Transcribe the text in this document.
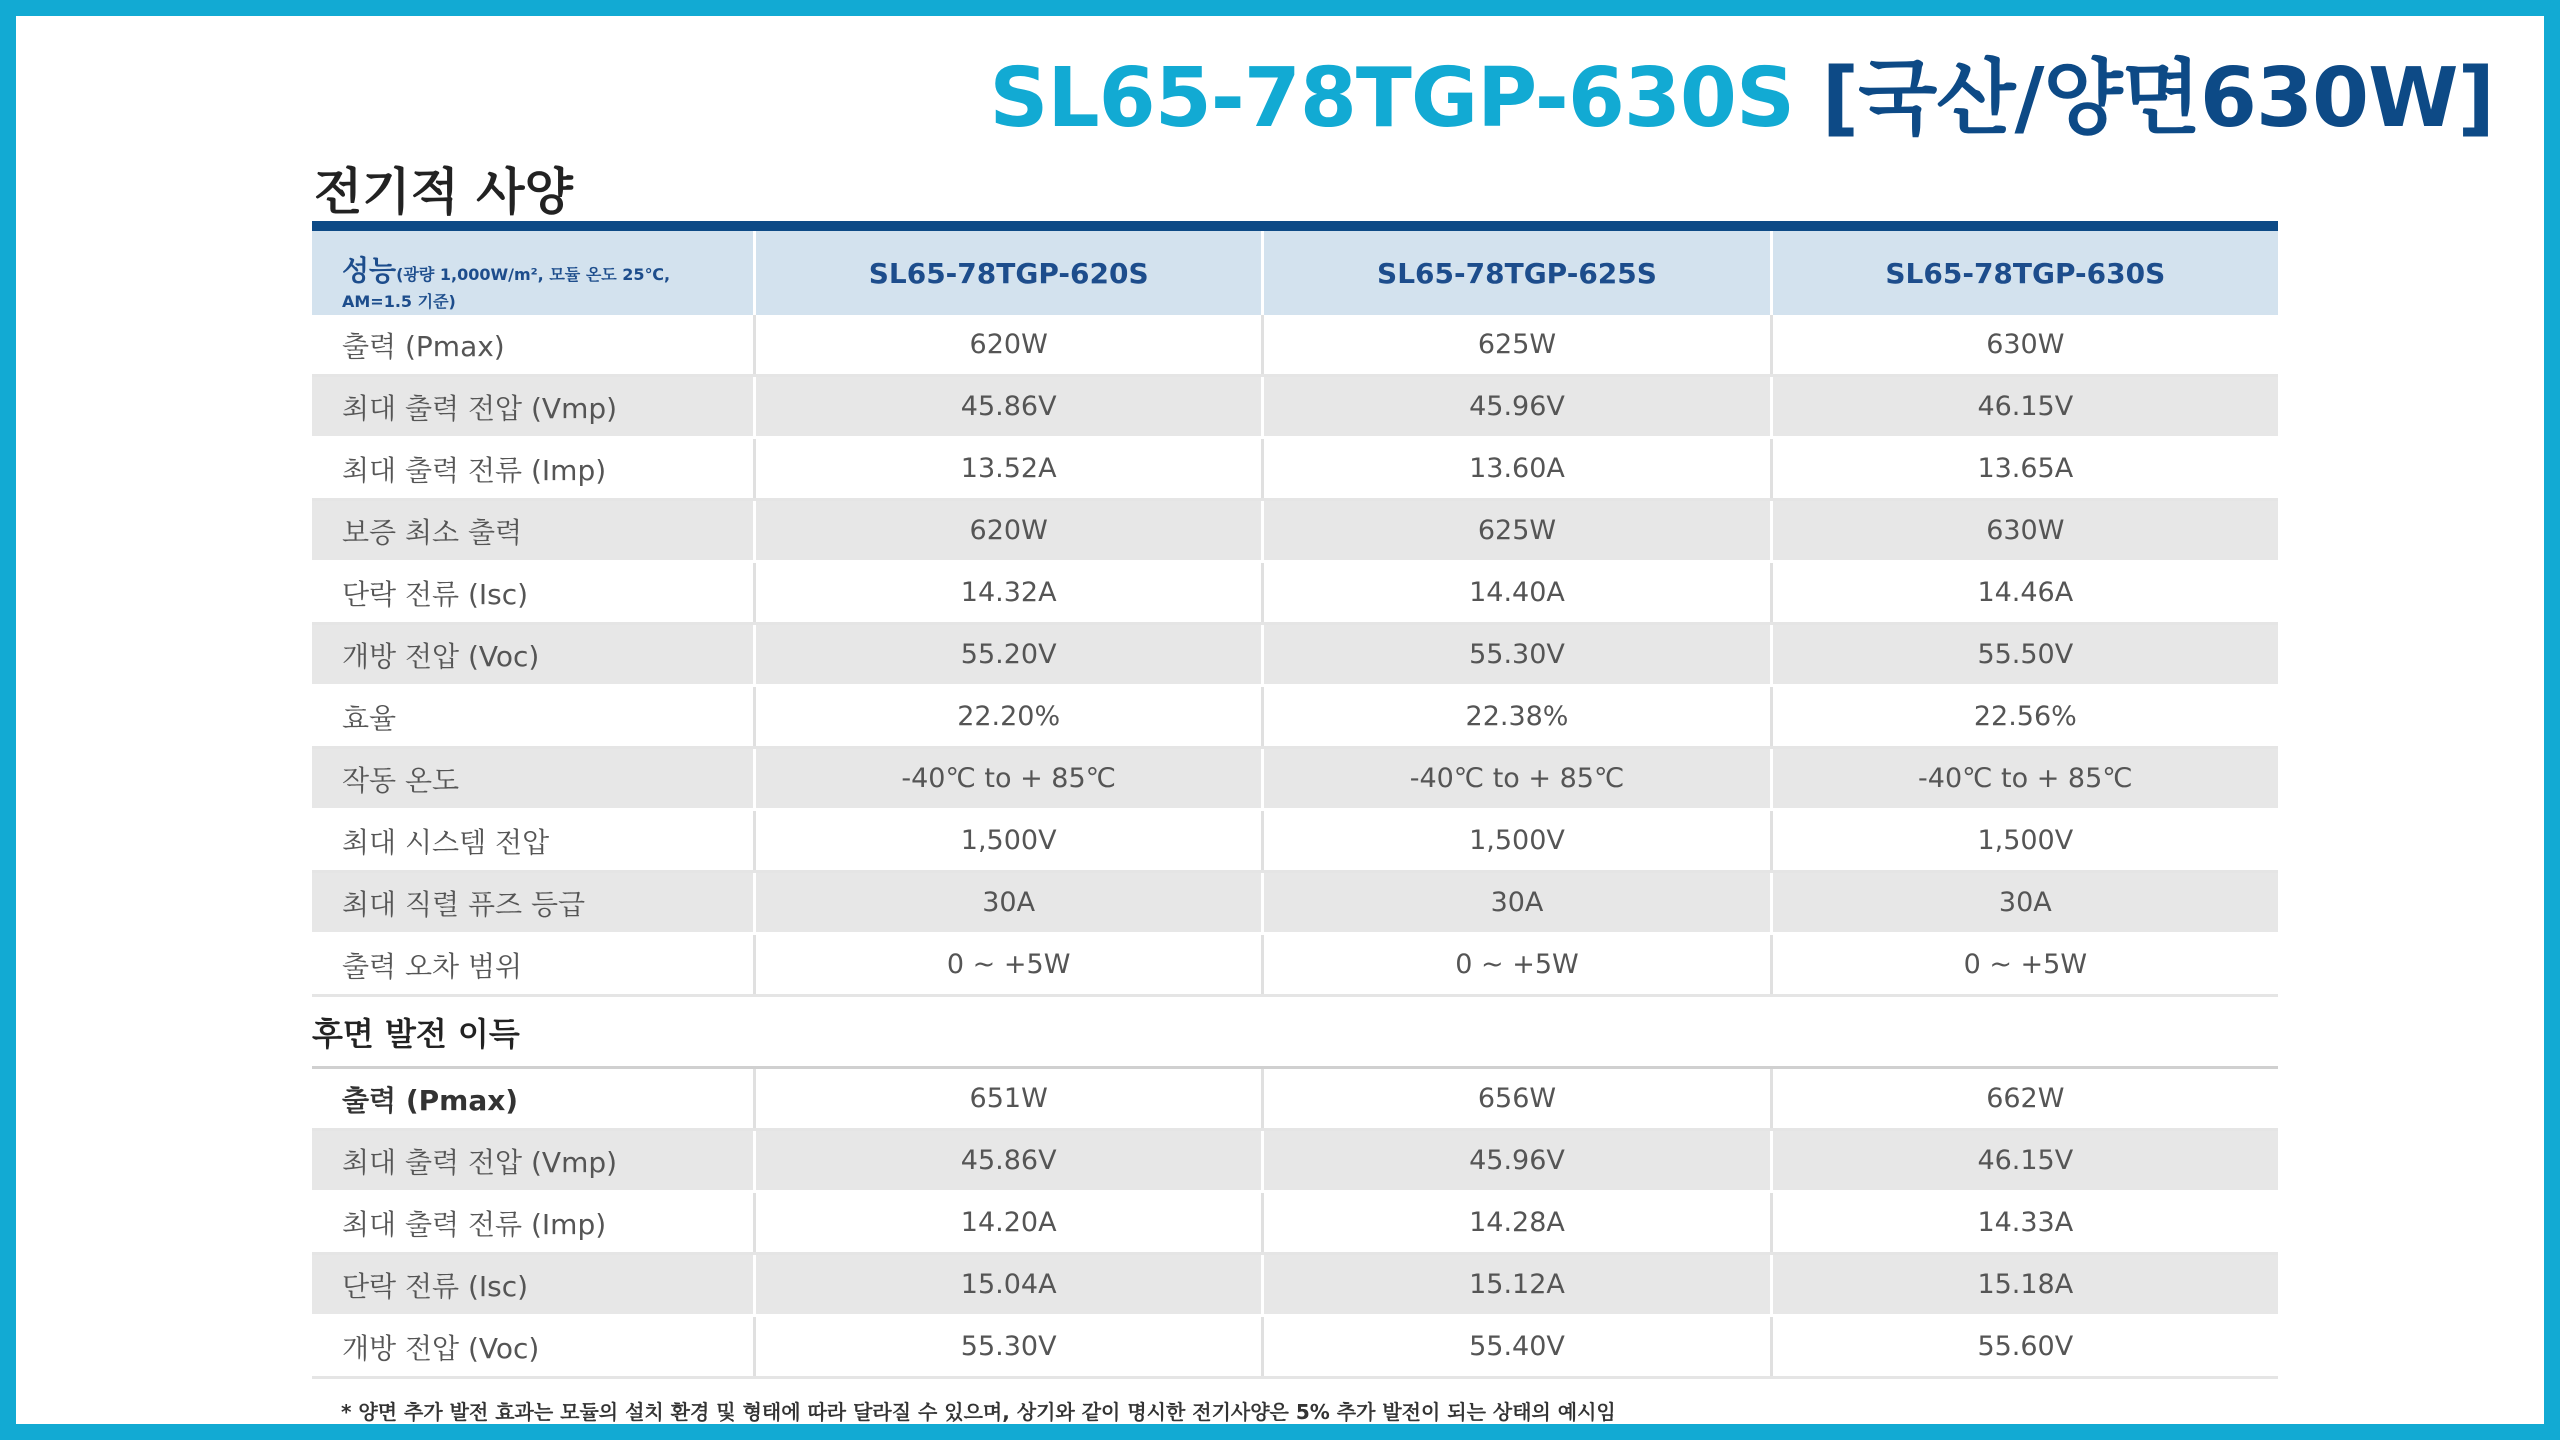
SL65-78TGP-630S [국산/양면630W]
전기적 사양
성능(광량 1,000W/m², 모듈 온도 25℃,
AM=1.5 기준)
SL65-78TGP-620S	SL65-78TGP-625S	SL65-78TGP-630S
출력 (Pmax)	620W	625W	630W
최대 출력 전압 (Vmp)	45.86V	45.96V	46.15V
최대 출력 전류 (Imp)	13.52A	13.60A	13.65A
보증 최소 출력	620W	625W	630W
단락 전류 (Isc)	14.32A	14.40A	14.46A
개방 전압 (Voc)	55.20V	55.30V	55.50V
효율	22.20%	22.38%	22.56%
작동 온도	-40℃ to + 85℃	-40℃ to + 85℃	-40℃ to + 85℃
최대 시스템 전압	1,500V	1,500V	1,500V
최대 직렬 퓨즈 등급	30A	30A	30A
출력 오차 범위	0 ~ +5W	0 ~ +5W	0 ~ +5W
후면 발전 이득
출력 (Pmax)	651W	656W	662W
최대 출력 전압 (Vmp)	45.86V	45.96V	46.15V
최대 출력 전류 (Imp)	14.20A	14.28A	14.33A
단락 전류 (Isc)	15.04A	15.12A	15.18A
개방 전압 (Voc)	55.30V	55.40V	55.60V
* 양면 추가 발전 효과는 모듈의 설치 환경 및 형태에 따라 달라질 수 있으며, 상기와 같이 명시한 전기사양은 5% 추가 발전이 되는 상태의 예시임
